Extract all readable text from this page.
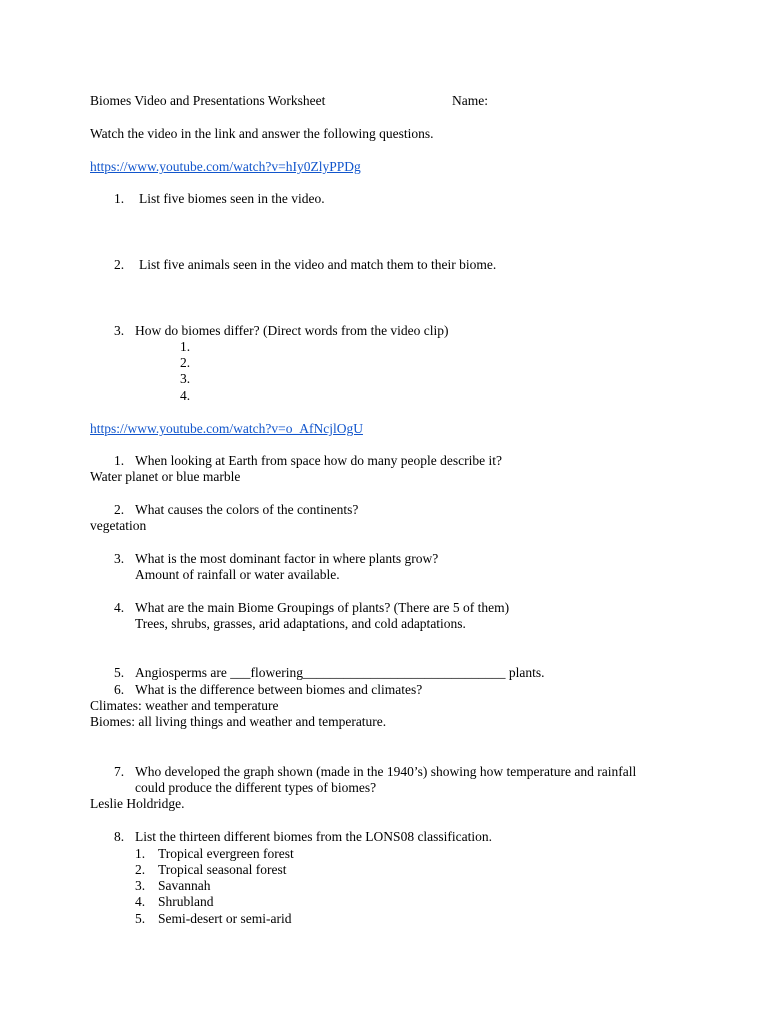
Biomes Video and Presentations Worksheet	Name:
Watch the video in the link and answer the following questions.
https://www.youtube.com/watch?v=hIy0ZlyPPDg
1. List five biomes seen in the video.
2. List five animals seen in the video and match them to their biome.
3. How do biomes differ? (Direct words from the video clip)
1.
2.
3.
4.
https://www.youtube.com/watch?v=o_AfNcjlOgU
1. When looking at Earth from space how do many people describe it?
Water planet or blue marble
2. What causes the colors of the continents?
vegetation
3. What is the most dominant factor in where plants grow?
Amount of rainfall or water available.
4. What are the main Biome Groupings of plants? (There are 5 of them)
Trees, shrubs, grasses, arid adaptations, and cold adaptations.
5. Angiosperms are ___flowering______________________________ plants.
6. What is the difference between biomes and climates?
Climates: weather and temperature
Biomes: all living things and weather and temperature.
7. Who developed the graph shown (made in the 1940’s) showing how temperature and rainfall
could produce the different types of biomes?
Leslie Holdridge.
8. List the thirteen different biomes from the LONS08 classification.
1. Tropical evergreen forest
2. Tropical seasonal forest
3. Savannah
4. Shrubland
5. Semi-desert or semi-arid
